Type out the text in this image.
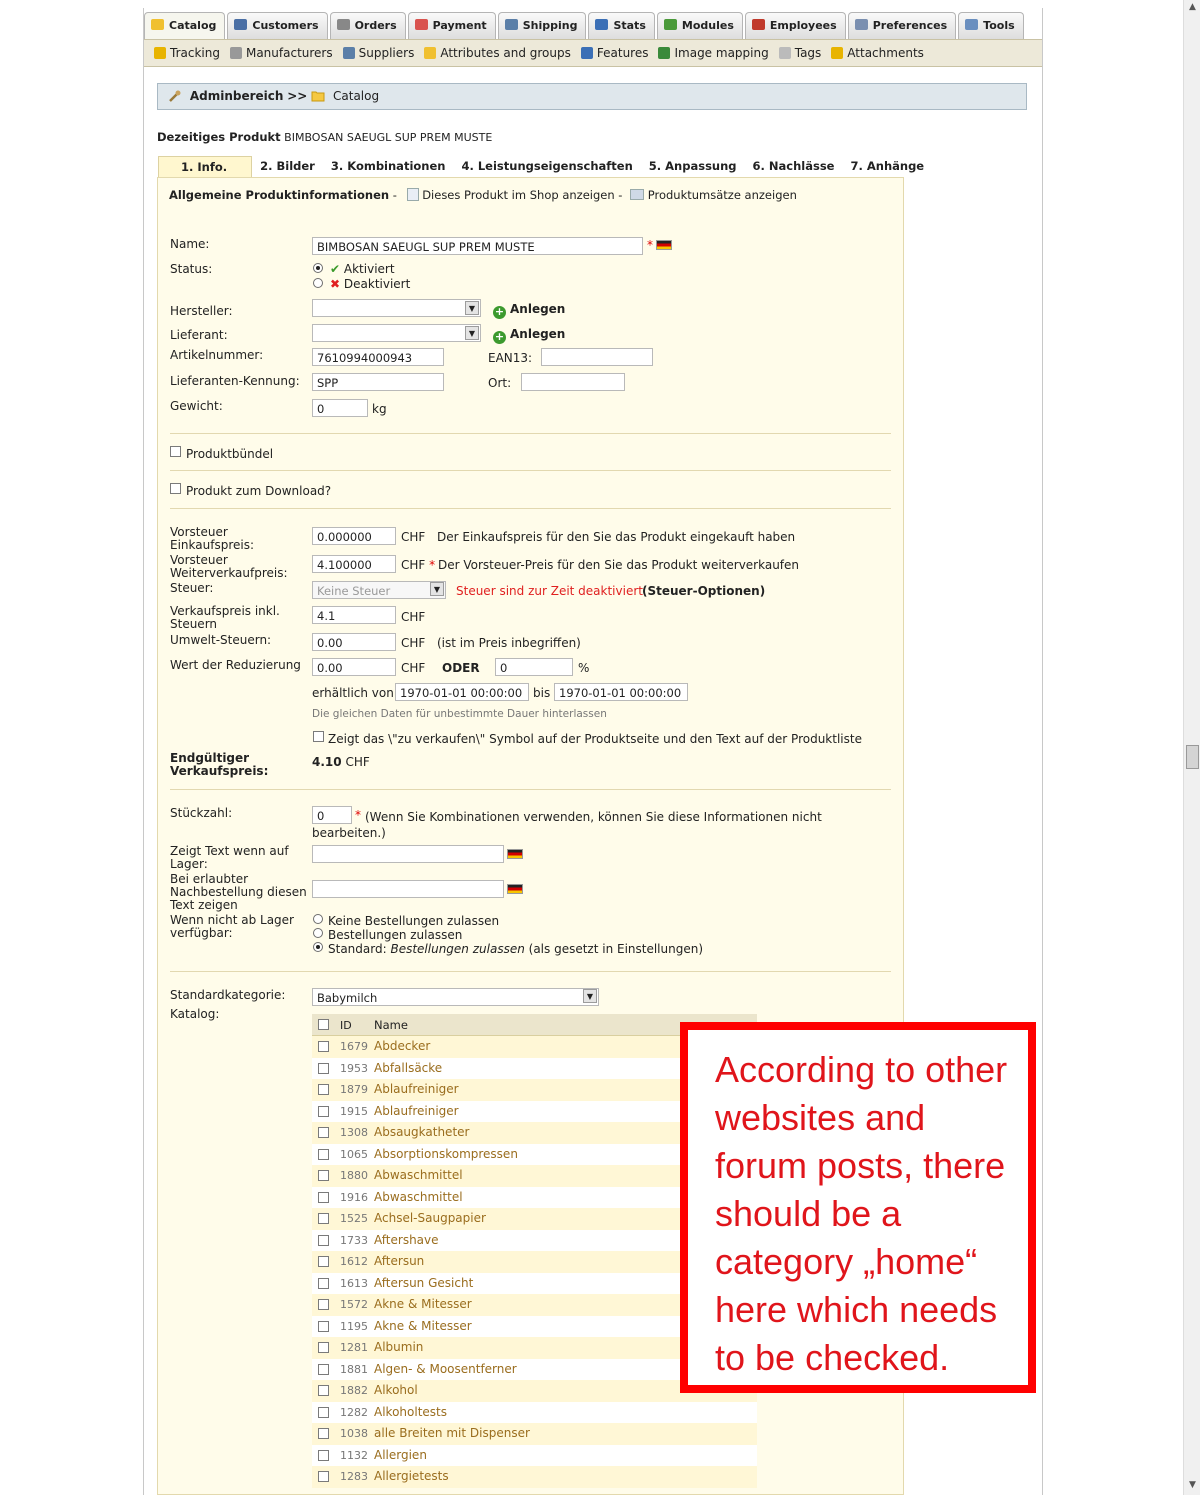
Catalog	Customers	Orders	Payment	Shipping	Stats	Modules	Employees	Preferences	Tools
Tracking	Manufacturers	Suppliers	Attributes and groups	Features	Image mapping	Tags	Attachments
Adminbereich >> Catalog
Dezeitiges Produkt BIMBOSAN SAEUGL SUP PREM MUSTE
1. Info.	2. Bilder	3. Kombinationen	4. Leistungseigenschaften	5. Anpassung	6. Nachlässe	7. Anhänge
Allgemeine Produktinformationen - Dieses Produkt im Shop anzeigen - Produktumsätze anzeigen
Name:	BIMBOSAN SAEUGL SUP PREM MUSTE	*
Status:	✔ Aktiviert
✖ Deaktiviert
Hersteller:	▼	+ Anlegen
Lieferant:	▼	+ Anlegen
Artikelnummer:	7610994000943	EAN13:
Lieferanten-Kennung:	SPP	Ort:
Gewicht:	0	kg
Produktbündel
Produkt zum Download?
Vorsteuer Einkaufspreis:
0.000000	CHF Der Einkaufspreis für den Sie das Produkt eingekauft haben
Vorsteuer Weiterverkaufpreis:
4.100000	CHF * Der Vorsteuer-Preis für den Sie das Produkt weiterverkaufen
Steuer:	Keine Steuer	▼	Steuer sind zur Zeit deaktiviert (Steuer-Optionen)
Verkaufspreis inkl. Steuern
4.1	CHF
Umwelt-Steuern:	0.00	CHF (ist im Preis inbegriffen)
Wert der Reduzierung	0.00	CHF ODER	0	%
erhältlich von 1970-01-01 00:00:00 bis 1970-01-01 00:00:00
Die gleichen Daten für unbestimmte Dauer hinterlassen
Zeigt das \"zu verkaufen\" Symbol auf der Produktseite und den Text auf der Produktliste
Endgültiger Verkaufspreis:
4.10 CHF
Stückzahl:	0	* (Wenn Sie Kombinationen verwenden, können Sie diese Informationen nicht bearbeiten.)
Zeigt Text wenn auf Lager:
Bei erlaubter Nachbestellung diesen Text zeigen
Wenn nicht ab Lager verfügbar:
Keine Bestellungen zulassen
Bestellungen zulassen
Standard: Bestellungen zulassen (als gesetzt in Einstellungen)
Standardkategorie:	Babymilch	▼
Katalog:
ID Name
1679 Abdecker
1953 Abfallsäcke
1879 Ablaufreiniger
1915 Ablaufreiniger
1308 Absaugkatheter
1065 Absorptionskompressen
1880 Abwaschmittel
1916 Abwaschmittel
1525 Achsel-Saugpapier
1733 Aftershave
1612 Aftersun
1613 Aftersun Gesicht
1572 Akne & Mitesser
1195 Akne & Mitesser
1281 Albumin
1881 Algen- & Moosentferner
1882 Alkohol
1282 Alkoholtests
1038 alle Breiten mit Dispenser
1132 Allergien
1283 Allergietests
According to other websites and forum posts, there should be a category „home“ here which needs to be checked.
▲
▼
